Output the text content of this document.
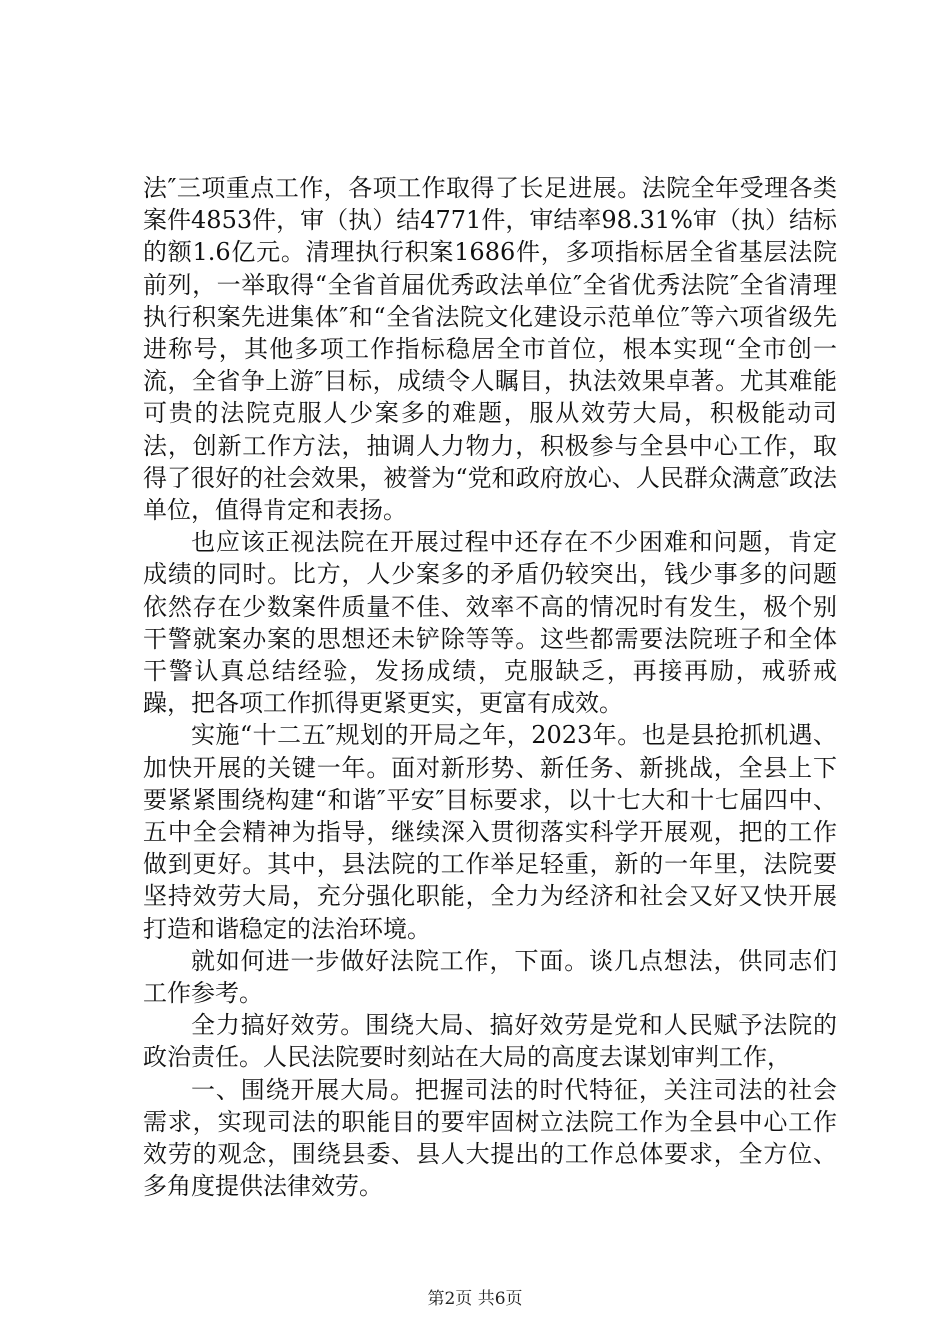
法″三项重点工作，各项工作取得了长足进展。法院全年受理各类案件4853件，审（执）结4771件，审结率98.31%审（执）结标的额1.6亿元。清理执行积案1686件，多项指标居全省基层法院前列，一举取得“全省首届优秀政法单位″全省优秀法院″全省清理执行积案先进集体″和“全省法院文化建设示范单位″等六项省级先进称号，其他多项工作指标稳居全市首位，根本实现“全市创一流，全省争上游″目标，成绩令人瞩目，执法效果卓著。尤其难能可贵的法院克服人少案多的难题，服从效劳大局，积极能动司法，创新工作方法，抽调人力物力，积极参与全县中心工作，取得了很好的社会效果，被誉为“党和政府放心、人民群众满意″政法单位，值得肯定和表扬。

也应该正视法院在开展过程中还存在不少困难和问题，肯定成绩的同时。比方，人少案多的矛盾仍较突出，钱少事多的问题依然存在少数案件质量不佳、效率不高的情况时有发生，极个别干警就案办案的思想还未铲除等等。这些都需要法院班子和全体干警认真总结经验，发扬成绩，克服缺乏，再接再励，戒骄戒躁，把各项工作抓得更紧更实，更富有成效。

实施“十二五″规划的开局之年，2023年。也是县抢抓机遇、加快开展的关键一年。面对新形势、新任务、新挑战，全县上下要紧紧围绕构建“和谐″平安″目标要求，以十七大和十七届四中、五中全会精神为指导，继续深入贯彻落实科学开展观，把的工作做到更好。其中，县法院的工作举足轻重，新的一年里，法院要坚持效劳大局，充分强化职能，全力为经济和社会又好又快开展打造和谐稳定的法治环境。

就如何进一步做好法院工作，下面。谈几点想法，供同志们工作参考。

全力搞好效劳。围绕大局、搞好效劳是党和人民赋予法院的政治责任。人民法院要时刻站在大局的高度去谋划审判工作，

一、围绕开展大局。把握司法的时代特征，关注司法的社会需求，实现司法的职能目的要牢固树立法院工作为全县中心工作效劳的观念，围绕县委、县人大提出的工作总体要求，全方位、多角度提供法律效劳。

第2页 共6页
